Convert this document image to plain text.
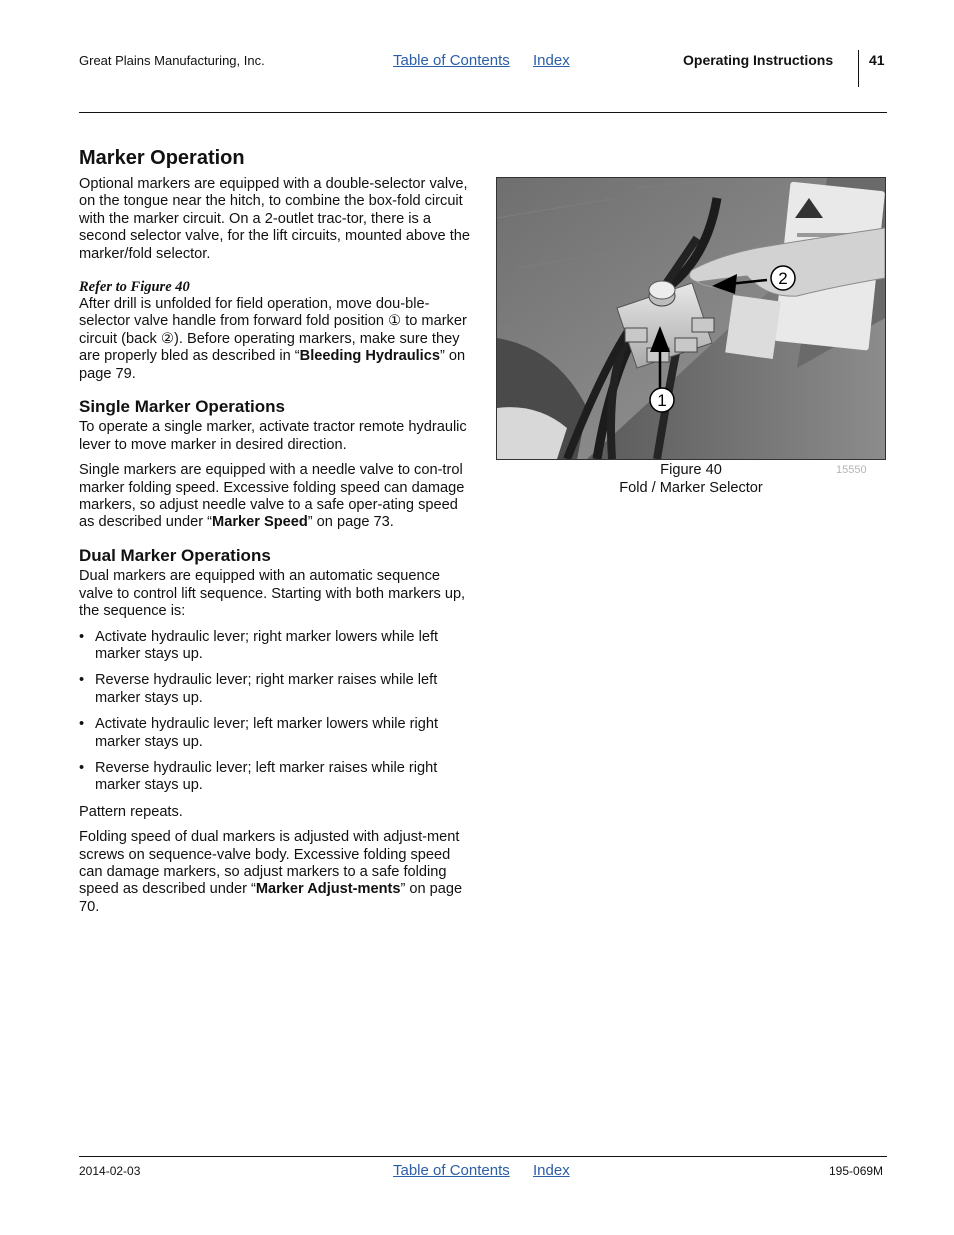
Great Plains Manufacturing, Inc.	Table of Contents Index	Operating Instructions	41
Marker Operation

Optional markers are equipped with a double-selector valve, on the tongue near the hitch, to combine the box-fold circuit with the marker circuit. On a 2-outlet trac-tor, there is a second selector valve, for the lift circuits, mounted above the marker/fold selector.

Refer to Figure 40

After drill is unfolded for field operation, move dou-ble-selector valve handle from forward fold position ① to marker circuit (back ②). Before operating markers, make sure they are properly bled as described in “Bleeding Hydraulics” on page 79.

Single Marker Operations

To operate a single marker, activate tractor remote hydraulic lever to move marker in desired direction.

Single markers are equipped with a needle valve to con-trol marker folding speed. Excessive folding speed can damage markers, so adjust needle valve to a safe oper-ating speed as described under “Marker Speed” on page 73.

Dual Marker Operations

Dual markers are equipped with an automatic sequence valve to control lift sequence. Starting with both markers up, the sequence is:

• Activate hydraulic lever; right marker lowers while left marker stays up.
• Reverse hydraulic lever; right marker raises while left marker stays up.
• Activate hydraulic lever; left marker lowers while right marker stays up.
• Reverse hydraulic lever; left marker raises while right marker stays up.

Pattern repeats.

Folding speed of dual markers is adjusted with adjust-ment screws on sequence-valve body. Excessive folding speed can damage markers, so adjust markers to a safe folding speed as described under “Marker Adjust-ments” on page 70.

2
1
Figure 40
Fold / Marker Selector
15550
2014-02-03	Table of Contents Index	195-069M
